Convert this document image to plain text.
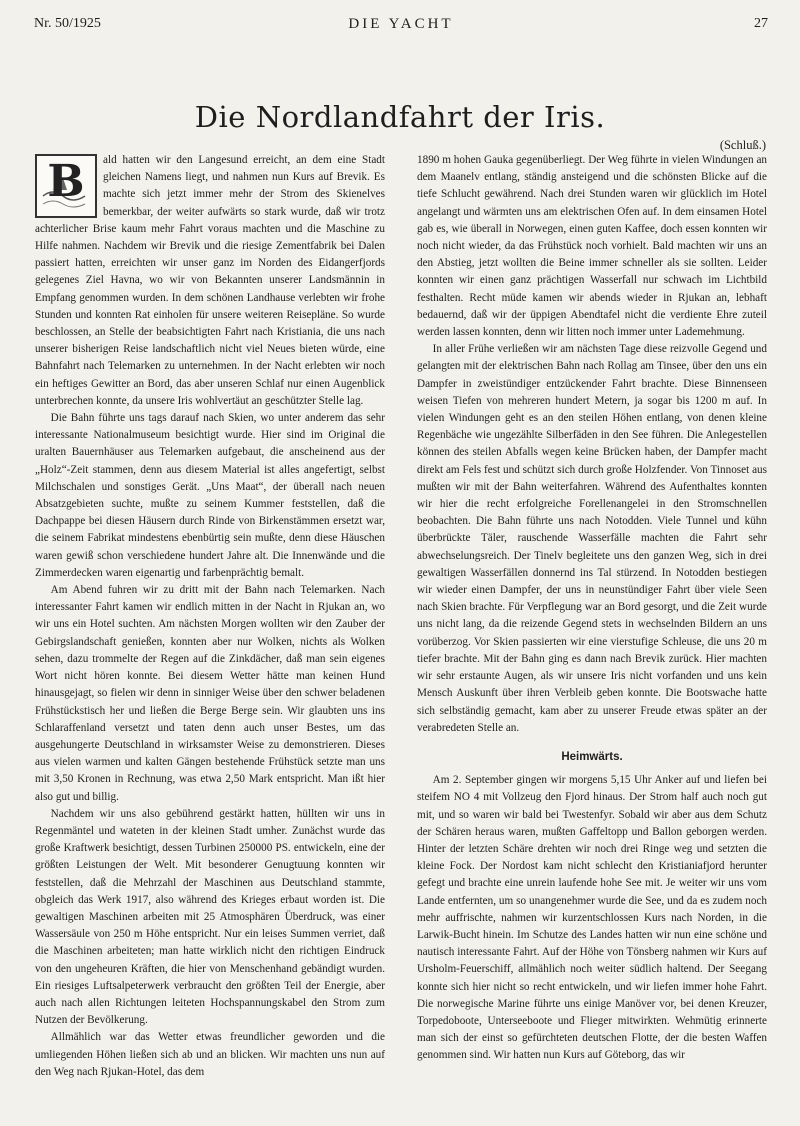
Nr. 50/1925	DIE YACHT	27
Die Nordlandfahrt der Iris.
(Schluß.)

B ald hatten wir den Langesund erreicht, an dem eine Stadt gleichen Namens liegt, und nahmen nun Kurs auf Brevik. Es machte sich jetzt immer mehr der Strom des Skienelves bemerkbar, der weiter aufwärts so stark wurde, daß wir trotz achterlicher Brise kaum mehr Fahrt voraus machten und die Maschine zu Hilfe nahmen. Nachdem wir Brevik und die riesige Zementfabrik bei Dalen passiert hatten, erreichten wir unser ganz im Norden des Eidangerfjords gelegenes Ziel Havna, wo wir von Bekannten unserer Landsmännin in Empfang genommen wurden. In dem schönen Landhause verlebten wir frohe Stunden und konnten Rat einholen für unsere weiteren Reisepläne. So wurde beschlossen, an Stelle der beabsichtigten Fahrt nach Kristiania, die uns nach unserer bisherigen Reise landschaftlich nicht viel Neues bieten würde, eine Bahnfahrt nach Telemarken zu unternehmen. In der Nacht erlebten wir noch ein heftiges Gewitter an Bord, das aber unseren Schlaf nur einen Augenblick unterbrechen konnte, da unsere Iris wohlvertäut an geschützter Stelle lag.

Die Bahn führte uns tags darauf nach Skien, wo unter anderem das sehr interessante Nationalmuseum besichtigt wurde. Hier sind im Original die uralten Bauernhäuser aus Telemarken aufgebaut, die anscheinend aus der „Holz“-Zeit stammen, denn aus diesem Material ist alles angefertigt, selbst Milchschalen und sonstiges Gerät. „Uns Maat“, der überall nach neuen Absatzgebieten suchte, mußte zu seinem Kummer feststellen, daß die Dachpappe bei diesen Häusern durch Rinde von Birkenstämmen ersetzt war, die seinem Fabrikat mindestens ebenbürtig sein mußte, denn diese Häuschen waren gewiß schon verschiedene hundert Jahre alt. Die Innenwände und die Zimmerdecken waren eigenartig und farbenprächtig bemalt.

Am Abend fuhren wir zu dritt mit der Bahn nach Telemarken. Nach interessanter Fahrt kamen wir endlich mitten in der Nacht in Rjukan an, wo wir uns ein Hotel suchten. Am nächsten Morgen wollten wir den Zauber der Gebirgslandschaft genießen, konnten aber nur Wolken, nichts als Wolken sehen, dazu trommelte der Regen auf die Zinkdächer, daß man sein eigenes Wort nicht hören konnte. Bei diesem Wetter hätte man keinen Hund hinausgejagt, so fielen wir denn in sinniger Weise über den schwer beladenen Frühstückstisch her und ließen die Berge Berge sein. Wir glaubten uns ins Schlaraffenland versetzt und taten denn auch unser Bestes, um das ausgehungerte Deutschland in wirksamster Weise zu demonstrieren. Dieses aus vielen warmen und kalten Gängen bestehende Frühstück setzte man uns mit 3,50 Kronen in Rechnung, was etwa 2,50 Mark entspricht. Man ißt hier also gut und billig.

Nachdem wir uns also gebührend gestärkt hatten, hüllten wir uns in Regenmäntel und wateten in der kleinen Stadt umher. Zunächst wurde das große Kraftwerk besichtigt, dessen Turbinen 250000 PS. entwickeln, eine der größten Leistungen der Welt. Mit besonderer Genugtuung konnten wir feststellen, daß die Mehrzahl der Maschinen aus Deutschland stammte, obgleich das Werk 1917, also während des Krieges erbaut worden ist. Die gewaltigen Maschinen arbeiten mit 25 Atmosphären Überdruck, was einer Wassersäule von 250 m Höhe entspricht. Nur ein leises Summen verriet, daß die Maschinen arbeiteten; man hatte wirklich nicht den richtigen Eindruck von den ungeheuren Kräften, die hier von Menschenhand gebändigt wurden. Ein riesiges Luftsalpeterwerk verbraucht den größten Teil der Energie, aber auch nach allen Richtungen leiteten Hochspannungskabel den Strom zum Nutzen der Bevölkerung.

Allmählich war das Wetter etwas freundlicher geworden und die umliegenden Höhen ließen sich ab und an blicken. Wir machten uns nun auf den Weg nach Rjukan-Hotel, das dem

1890 m hohen Gauka gegenüberliegt. Der Weg führte in vielen Windungen an dem Maanelv entlang, ständig ansteigend und die schönsten Blicke auf die tiefe Schlucht gewährend. Nach drei Stunden waren wir glücklich im Hotel angelangt und wärmten uns am elektrischen Ofen auf. In dem einsamen Hotel gab es, wie überall in Norwegen, einen guten Kaffee, doch essen konnten wir noch nicht wieder, da das Frühstück noch vorhielt. Bald machten wir uns an den Abstieg, jetzt wollten die Beine immer schneller als sie sollten. Leider konnten wir einen ganz prächtigen Wasserfall nur schwach im Lichtbild festhalten. Recht müde kamen wir abends wieder in Rjukan an, lebhaft bedauernd, daß wir der üppigen Abendtafel nicht die verdiente Ehre zuteil werden lassen konnten, denn wir litten noch immer unter Lademehmung.

In aller Frühe verließen wir am nächsten Tage diese reizvolle Gegend und gelangten mit der elektrischen Bahn nach Rollag am Tinsee, über den uns ein Dampfer in zweistündiger entzückender Fahrt brachte. Diese Binnenseen weisen Tiefen von mehreren hundert Metern, ja sogar bis 1200 m auf. In vielen Windungen geht es an den steilen Höhen entlang, von denen kleine Regenbäche wie ungezählte Silberfäden in den See führen. Die Anlegestellen können des steilen Abfalls wegen keine Brücken haben, der Dampfer macht direkt am Fels fest und schützt sich durch große Holzfender. Von Tinnoset aus mußten wir mit der Bahn weiterfahren. Während des Aufenthaltes konnten wir hier die recht erfolgreiche Forellenangelei in den Stromschnellen beobachten. Die Bahn führte uns nach Notodden. Viele Tunnel und kühn überbrückte Täler, rauschende Wasserfälle machten die Fahrt sehr abwechselungsreich. Der Tinelv begleitete uns den ganzen Weg, sich in drei gewaltigen Wasserfällen donnernd ins Tal stürzend. In Notodden bestiegen wir wieder einen Dampfer, der uns in neunstündiger Fahrt über viele Seen nach Skien brachte. Für Verpflegung war an Bord gesorgt, und die Zeit wurde uns nicht lang, da die reizende Gegend stets in wechselnden Bildern an uns vorüberzog. Vor Skien passierten wir eine vierstufige Schleuse, die uns 20 m tiefer brachte. Mit der Bahn ging es dann nach Brevik zurück. Hier machten wir sehr erstaunte Augen, als wir unsere Iris nicht vorfanden und uns kein Mensch Auskunft über ihren Verbleib geben konnte. Die Bootswache hatte sich selbständig gemacht, kam aber zu unserer Freude etwas später an der verabredeten Stelle an.

Heimwärts.

Am 2. September gingen wir morgens 5,15 Uhr Anker auf und liefen bei steifem NO 4 mit Vollzeug den Fjord hinaus. Der Strom half auch noch gut mit, und so waren wir bald bei Twestenfyr. Sobald wir aber aus dem Schutz der Schären heraus waren, mußten Gaffeltopp und Ballon geborgen werden. Hinter der letzten Schäre drehten wir noch drei Ringe weg und setzten die kleine Fock. Der Nordost kam nicht schlecht den Kristianiafjord herunter gefegt und brachte eine unrein laufende hohe See mit. Je weiter wir uns vom Lande entfernten, um so unangenehmer wurde die See, und da es zudem noch mehr auffrischte, nahmen wir kurzentschlossen Kurs nach Norden, in die Larwik-Bucht hinein. Im Schutze des Landes hatten wir nun eine schöne und nautisch interessante Fahrt. Auf der Höhe von Tönsberg nahmen wir Kurs auf Ursholm-Feuerschiff, allmählich noch weiter südlich haltend. Der Seegang konnte sich hier nicht so recht entwickeln, und wir liefen immer hohe Fahrt. Die norwegische Marine führte uns einige Manöver vor, bei denen Kreuzer, Torpedoboote, Unterseeboote und Flieger mitwirkten. Wehmütig erinnerte man sich der einst so gefürchteten deutschen Flotte, der die besten Waffen genommen sind. Wir hatten nun Kurs auf Göteborg, das wir
